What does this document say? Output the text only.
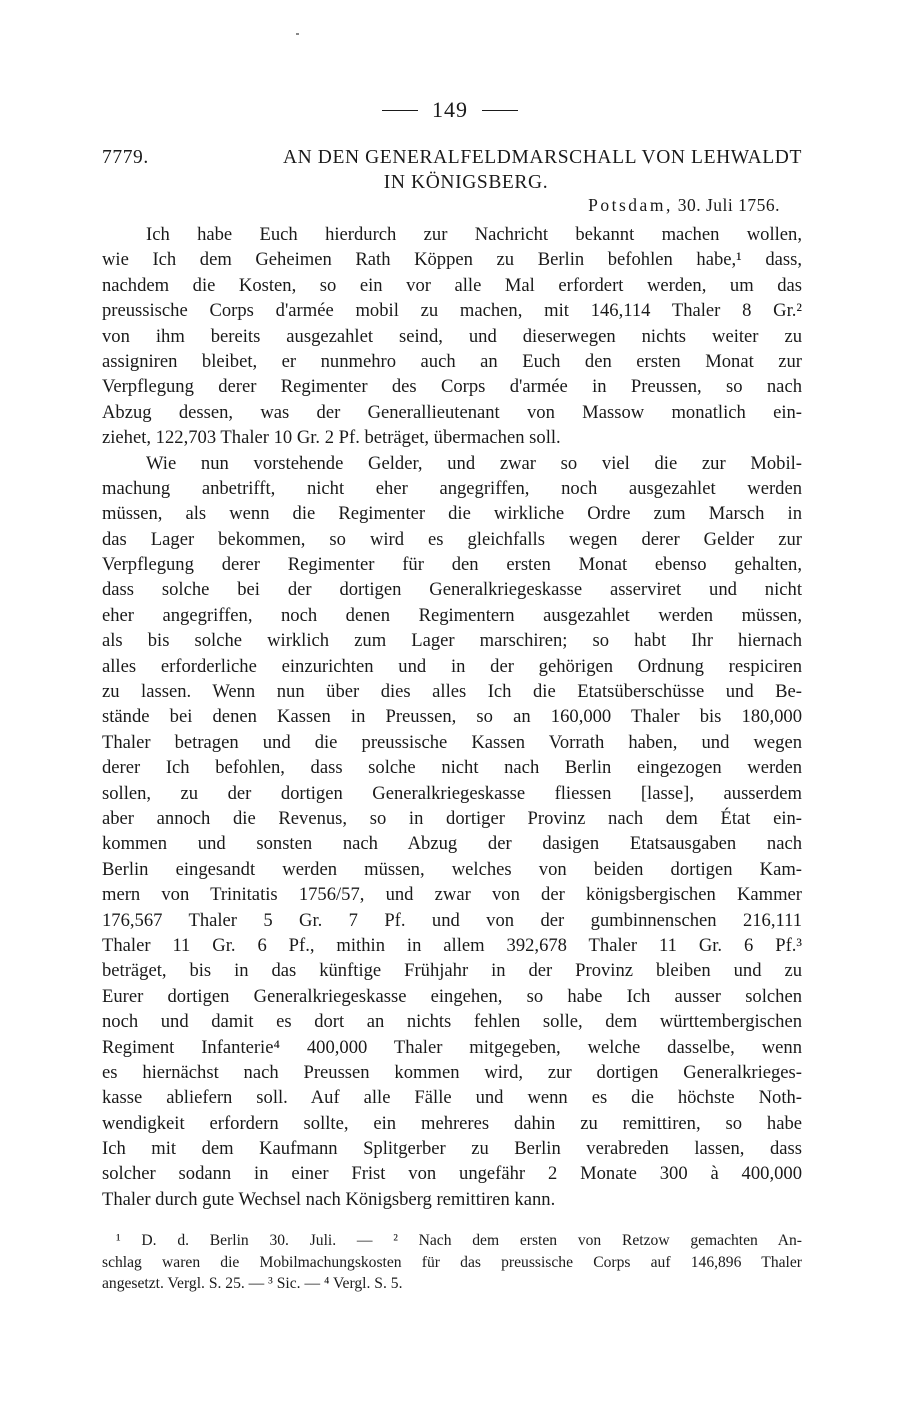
149
7779.	AN DEN GENERALFELDMARSCHALL VON LEHWALDT
IN KÖNIGSBERG.
Potsdam, 30. Juli 1756.
Ich habe Euch hierdurch zur Nachricht bekannt machen wollen,
wie Ich dem Geheimen Rath Köppen zu Berlin befohlen habe,¹ dass,
nachdem die Kosten, so ein vor alle Mal erfordert werden, um das
preussische Corps d'armée mobil zu machen, mit 146,114 Thaler 8 Gr.²
von ihm bereits ausgezahlet seind, und dieserwegen nichts weiter zu
assigniren bleibet, er nunmehro auch an Euch den ersten Monat zur
Verpflegung derer Regimenter des Corps d'armée in Preussen, so nach
Abzug dessen, was der Generallieutenant von Massow monatlich ein-
ziehet, 122,703 Thaler 10 Gr. 2 Pf. beträget, übermachen soll.
Wie nun vorstehende Gelder, und zwar so viel die zur Mobil-
machung anbetrifft, nicht eher angegriffen, noch ausgezahlet werden
müssen, als wenn die Regimenter die wirkliche Ordre zum Marsch in
das Lager bekommen, so wird es gleichfalls wegen derer Gelder zur
Verpflegung derer Regimenter für den ersten Monat ebenso gehalten,
dass solche bei der dortigen Generalkriegeskasse asserviret und nicht
eher angegriffen, noch denen Regimentern ausgezahlet werden müssen,
als bis solche wirklich zum Lager marschiren; so habt Ihr hiernach
alles erforderliche einzurichten und in der gehörigen Ordnung respiciren
zu lassen. Wenn nun über dies alles Ich die Etatsüberschüsse und Be-
stände bei denen Kassen in Preussen, so an 160,000 Thaler bis 180,000
Thaler betragen und die preussische Kassen Vorrath haben, und wegen
derer Ich befohlen, dass solche nicht nach Berlin eingezogen werden
sollen, zu der dortigen Generalkriegeskasse fliessen [lasse], ausserdem
aber annoch die Revenus, so in dortiger Provinz nach dem État ein-
kommen und sonsten nach Abzug der dasigen Etatsausgaben nach
Berlin eingesandt werden müssen, welches von beiden dortigen Kam-
mern von Trinitatis 1756/57, und zwar von der königsbergischen Kammer
176,567 Thaler 5 Gr. 7 Pf. und von der gumbinnenschen 216,111
Thaler 11 Gr. 6 Pf., mithin in allem 392,678 Thaler 11 Gr. 6 Pf.³
beträget, bis in das künftige Frühjahr in der Provinz bleiben und zu
Eurer dortigen Generalkriegeskasse eingehen, so habe Ich ausser solchen
noch und damit es dort an nichts fehlen solle, dem württembergischen
Regiment Infanterie⁴ 400,000 Thaler mitgegeben, welche dasselbe, wenn
es hiernächst nach Preussen kommen wird, zur dortigen Generalkrieges-
kasse abliefern soll. Auf alle Fälle und wenn es die höchste Noth-
wendigkeit erfordern sollte, ein mehreres dahin zu remittiren, so habe
Ich mit dem Kaufmann Splitgerber zu Berlin verabreden lassen, dass
solcher sodann in einer Frist von ungefähr 2 Monate 300 à 400,000
Thaler durch gute Wechsel nach Königsberg remittiren kann.
¹ D. d. Berlin 30. Juli. — ² Nach dem ersten von Retzow gemachten An-
schlag waren die Mobilmachungskosten für das preussische Corps auf 146,896 Thaler
angesetzt. Vergl. S. 25. — ³ Sic. — ⁴ Vergl. S. 5.
